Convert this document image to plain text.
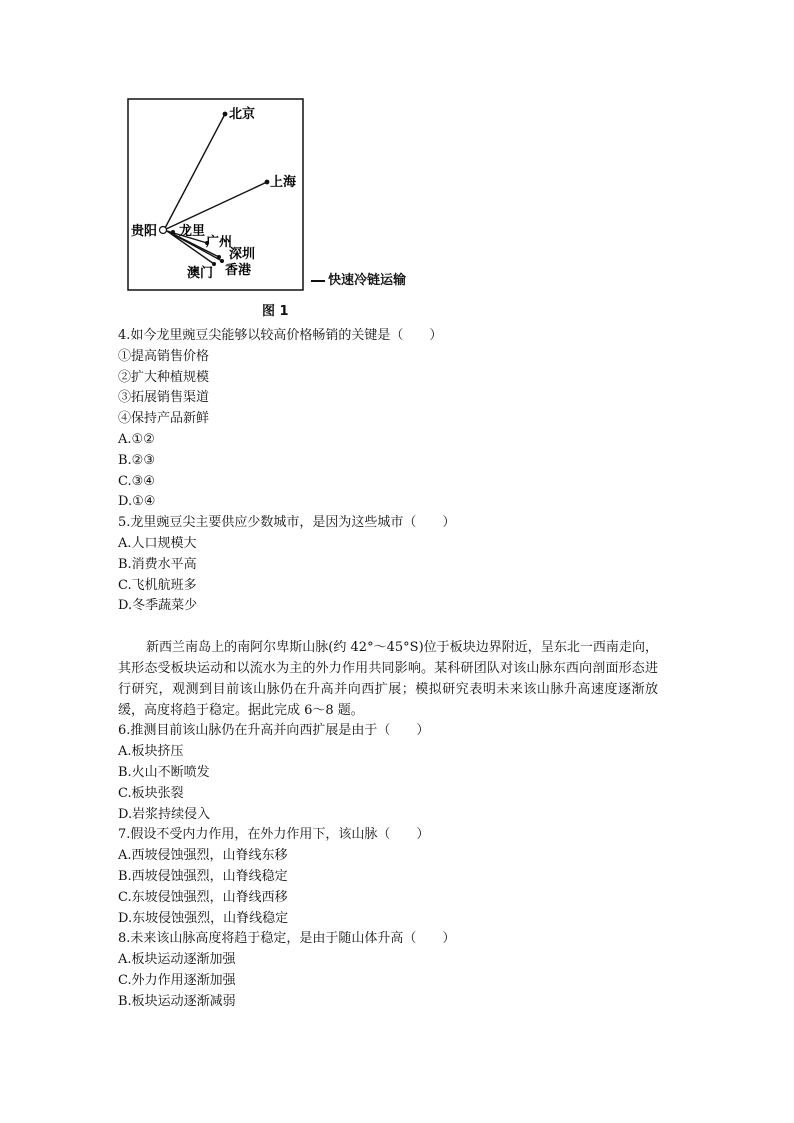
北京
上海
贵阳 龙里
广州
深圳
香港
澳门	快速冷链运输
图 1
4.如今龙里豌豆尖能够以较高价格畅销的关键是（　　）
①提高销售价格
②扩大种植规模
③拓展销售渠道
④保持产品新鲜
A.①②
B.②③
C.③④
D.①④
5.龙里豌豆尖主要供应少数城市，是因为这些城市（　　）
A.人口规模大
B.消费水平高
C.飞机航班多
D.冬季蔬菜少
新西兰南岛上的南阿尔卑斯山脉(约 42°～45°S)位于板块边界附近，呈东北一西南走向，其形态受板块运动和以流水为主的外力作用共同影响。某科研团队对该山脉东西向剖面形态进行研究，观测到目前该山脉仍在升高并向西扩展；模拟研究表明未来该山脉升高速度逐渐放缓，高度将趋于稳定。据此完成 6～8 题。
6.推测目前该山脉仍在升高并向西扩展是由于（　　）
A.板块挤压
B.火山不断喷发
C.板块张裂
D.岩浆持续侵入
7.假设不受内力作用，在外力作用下，该山脉（　　）
A.西坡侵蚀强烈，山脊线东移
B.西坡侵蚀强烈，山脊线稳定
C.东坡侵蚀强烈，山脊线西移
D.东坡侵蚀强烈，山脊线稳定
8.未来该山脉高度将趋于稳定，是由于随山体升高（　　）
A.板块运动逐渐加强
C.外力作用逐渐加强
B.板块运动逐渐减弱
